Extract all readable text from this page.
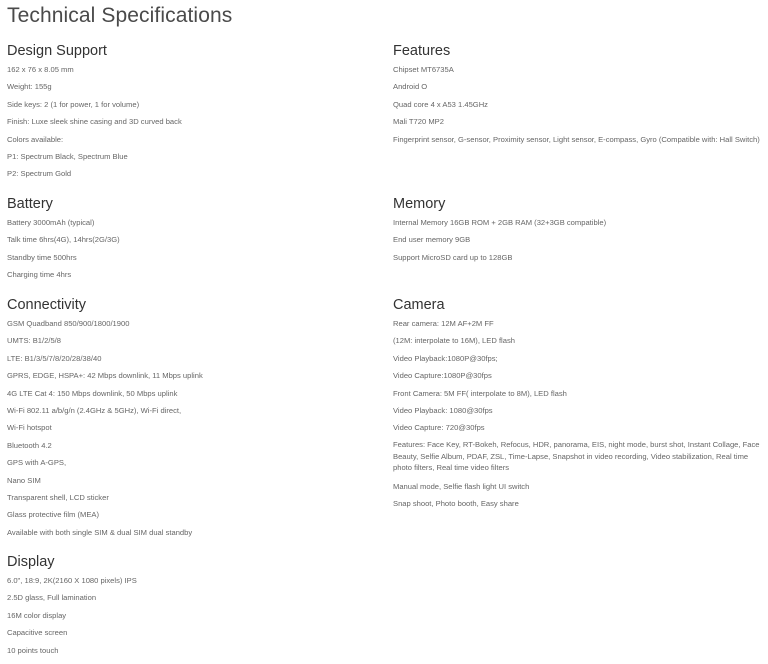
Technical Specifications
Design Support
162 x 76 x 8.05 mm
Weight: 155g
Side keys: 2 (1 for power, 1 for volume)
Finish: Luxe sleek shine casing and 3D curved back
Colors available:
P1: Spectrum Black, Spectrum Blue
P2: Spectrum Gold
Battery
Battery 3000mAh (typical)
Talk time 6hrs(4G), 14hrs(2G/3G)
Standby time 500hrs
Charging time 4hrs
Connectivity
GSM Quadband 850/900/1800/1900
UMTS: B1/2/5/8
LTE: B1/3/5/7/8/20/28/38/40
GPRS, EDGE, HSPA+: 42 Mbps downlink, 11 Mbps uplink
4G LTE Cat 4: 150 Mbps downlink, 50 Mbps uplink
Wi-Fi 802.11 a/b/g/n (2.4GHz & 5GHz), Wi-Fi direct,
Wi-Fi hotspot
Bluetooth 4.2
GPS with A-GPS,
Nano SIM
Transparent shell, LCD sticker
Glass protective film (MEA)
Available with both single SIM & dual SIM dual standby
Display
6.0", 18:9, 2K(2160 X 1080 pixels) IPS
2.5D glass, Full lamination
16M color display
Capacitive screen
10 points touch
Features
Chipset MT6735A
Android O
Quad core 4 x A53 1.45GHz
Mali T720 MP2
Fingerprint sensor, G-sensor, Proximity sensor, Light sensor, E-compass, Gyro (Compatible with: Hall Switch)
Memory
Internal Memory 16GB ROM + 2GB RAM (32+3GB compatible)
End user memory 9GB
Support MicroSD card up to 128GB
Camera
Rear camera: 12M AF+2M FF
(12M: interpolate to 16M), LED flash
Video Playback:1080P@30fps;
Video Capture:1080P@30fps
Front Camera: 5M FF( interpolate to 8M), LED flash
Video Playback: 1080@30fps
Video Capture: 720@30fps
Features: Face Key, RT-Bokeh, Refocus, HDR, panorama, EIS, night mode, burst shot, Instant Collage, Face Beauty, Selfie Album, PDAF, ZSL, Time-Lapse, Snapshot in video recording, Video stabilization, Real time photo filters, Real time video filters
Manual mode, Selfie flash light UI switch
Snap shoot, Photo booth, Easy share
